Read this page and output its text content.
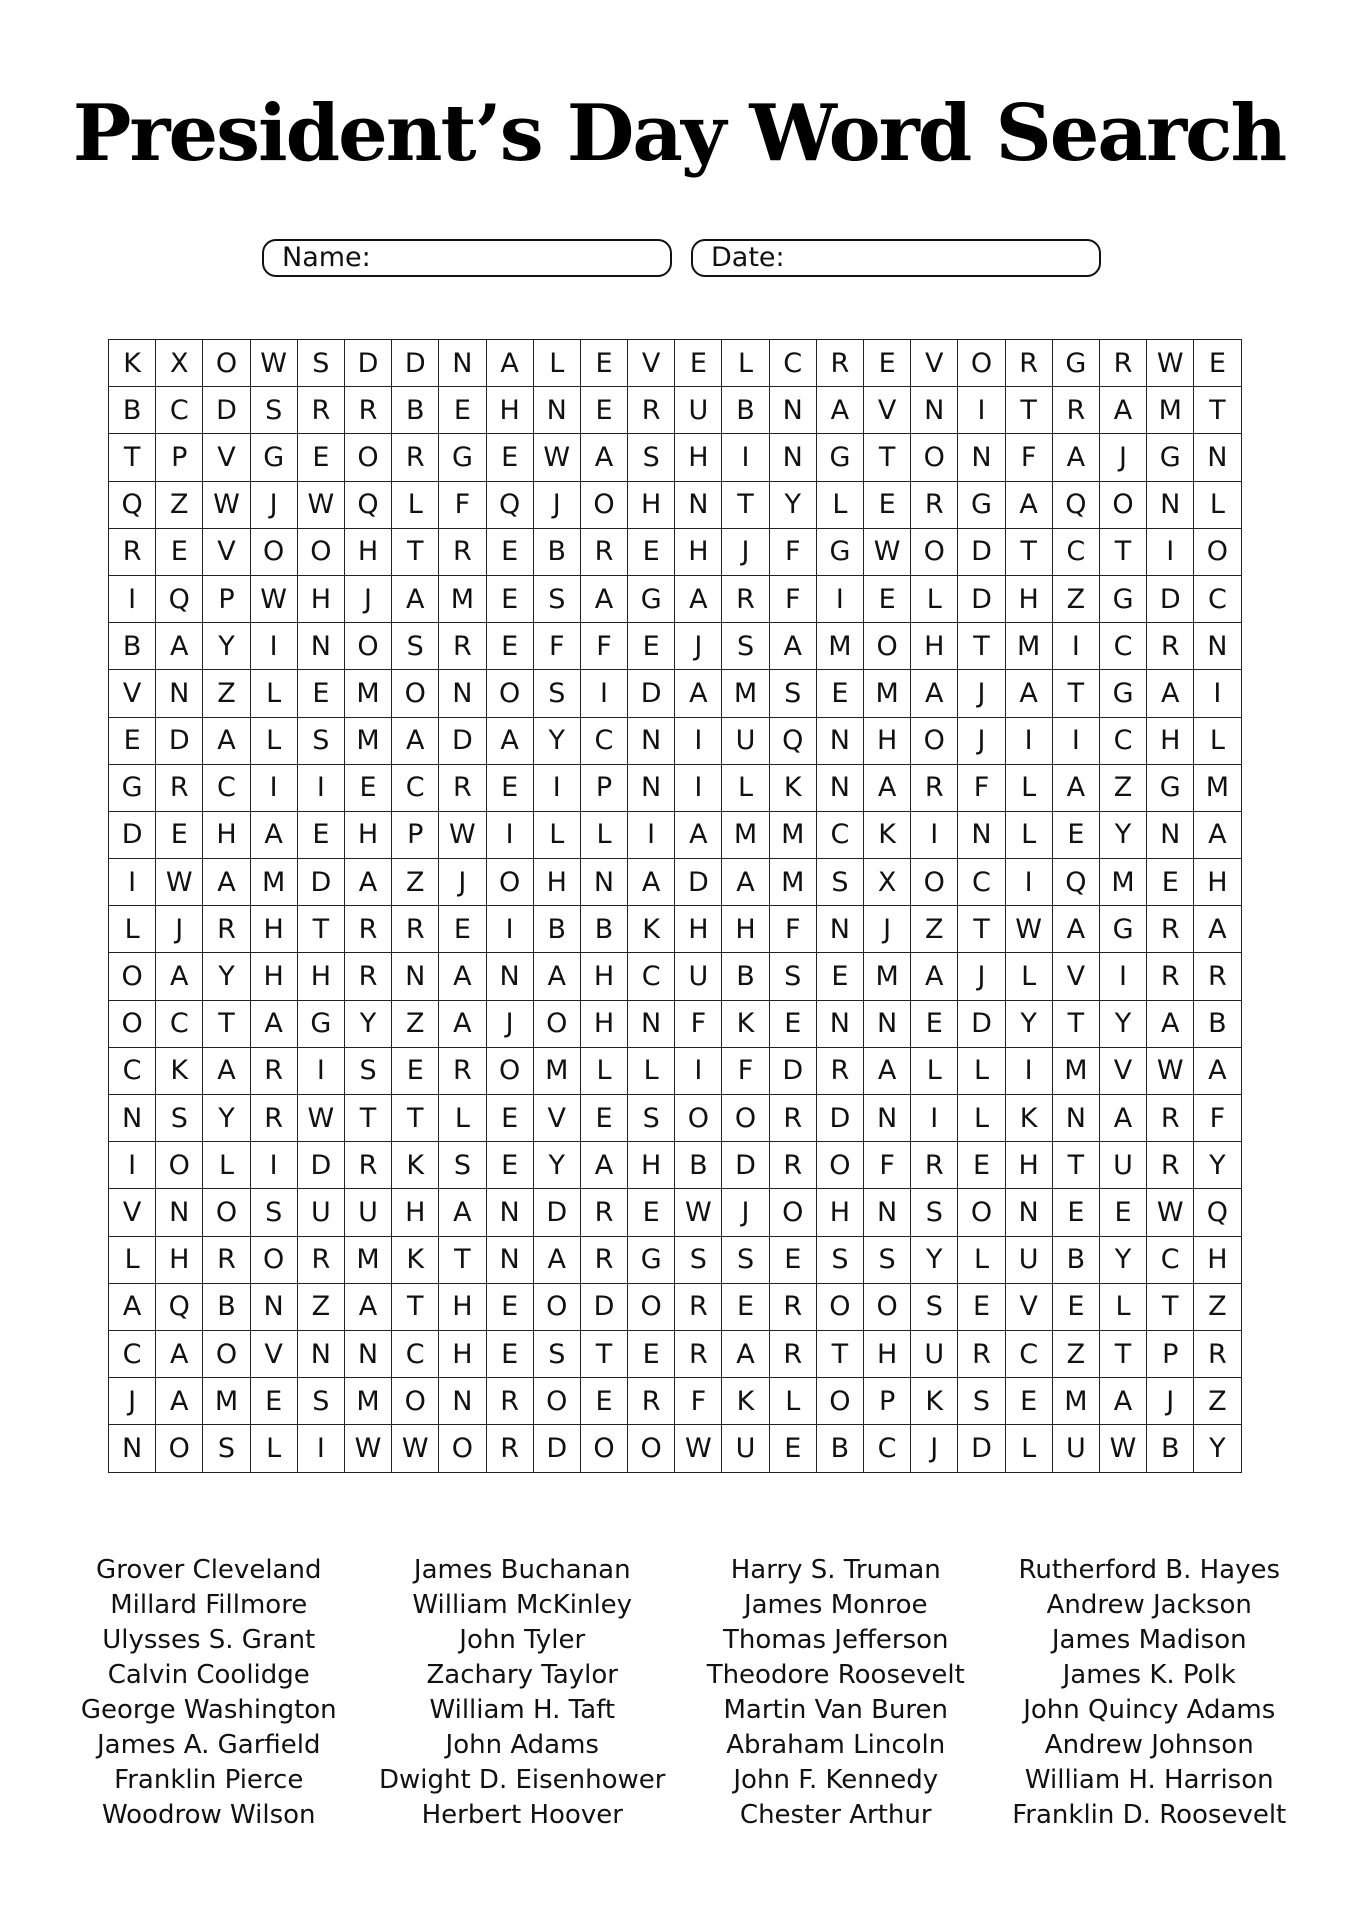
President’s Day Word Search
Name:	Date:
K	X	O	W	S	D	D	N	A	L	E	V	E	L	C	R	E	V	O	R	G	R	W	E
B	C	D	S	R	R	B	E	H	N	E	R	U	B	N	A	V	N	I	T	R	A	M	T
T	P	V	G	E	O	R	G	E	W	A	S	H	I	N	G	T	O	N	F	A	J	G	N
Q	Z	W	J	W	Q	L	F	Q	J	O	H	N	T	Y	L	E	R	G	A	Q	O	N	L
R	E	V	O	O	H	T	R	E	B	R	E	H	J	F	G	W	O	D	T	C	T	I	O
I	Q	P	W	H	J	A	M	E	S	A	G	A	R	F	I	E	L	D	H	Z	G	D	C
B	A	Y	I	N	O	S	R	E	F	F	E	J	S	A	M	O	H	T	M	I	C	R	N
V	N	Z	L	E	M	O	N	O	S	I	D	A	M	S	E	M	A	J	A	T	G	A	I
E	D	A	L	S	M	A	D	A	Y	C	N	I	U	Q	N	H	O	J	I	I	C	H	L
G	R	C	I	I	E	C	R	E	I	P	N	I	L	K	N	A	R	F	L	A	Z	G	M
D	E	H	A	E	H	P	W	I	L	L	I	A	M	M	C	K	I	N	L	E	Y	N	A
I	W	A	M	D	A	Z	J	O	H	N	A	D	A	M	S	X	O	C	I	Q	M	E	H
L	J	R	H	T	R	R	E	I	B	B	K	H	H	F	N	J	Z	T	W	A	G	R	A
O	A	Y	H	H	R	N	A	N	A	H	C	U	B	S	E	M	A	J	L	V	I	R	R
O	C	T	A	G	Y	Z	A	J	O	H	N	F	K	E	N	N	E	D	Y	T	Y	A	B
C	K	A	R	I	S	E	R	O	M	L	L	I	F	D	R	A	L	L	I	M	V	W	A
N	S	Y	R	W	T	T	L	E	V	E	S	O	O	R	D	N	I	L	K	N	A	R	F
I	O	L	I	D	R	K	S	E	Y	A	H	B	D	R	O	F	R	E	H	T	U	R	Y
V	N	O	S	U	U	H	A	N	D	R	E	W	J	O	H	N	S	O	N	E	E	W	Q
L	H	R	O	R	M	K	T	N	A	R	G	S	S	E	S	S	Y	L	U	B	Y	C	H
A	Q	B	N	Z	A	T	H	E	O	D	O	R	E	R	O	O	S	E	V	E	L	T	Z
C	A	O	V	N	N	C	H	E	S	T	E	R	A	R	T	H	U	R	C	Z	T	P	R
J	A	M	E	S	M	O	N	R	O	E	R	F	K	L	O	P	K	S	E	M	A	J	Z
N	O	S	L	I	W	W	O	R	D	O	O	W	U	E	B	C	J	D	L	U	W	B	Y
Grover Cleveland
Millard Fillmore
Ulysses S. Grant
Calvin Coolidge
George Washington
James A. Garfield
Franklin Pierce
Woodrow Wilson
James Buchanan
William McKinley
John Tyler
Zachary Taylor
William H. Taft
John Adams
Dwight D. Eisenhower
Herbert Hoover
Harry S. Truman
James Monroe
Thomas Jefferson
Theodore Roosevelt
Martin Van Buren
Abraham Lincoln
John F. Kennedy
Chester Arthur
Rutherford B. Hayes
Andrew Jackson
James Madison
James K. Polk
John Quincy Adams
Andrew Johnson
William H. Harrison
Franklin D. Roosevelt
